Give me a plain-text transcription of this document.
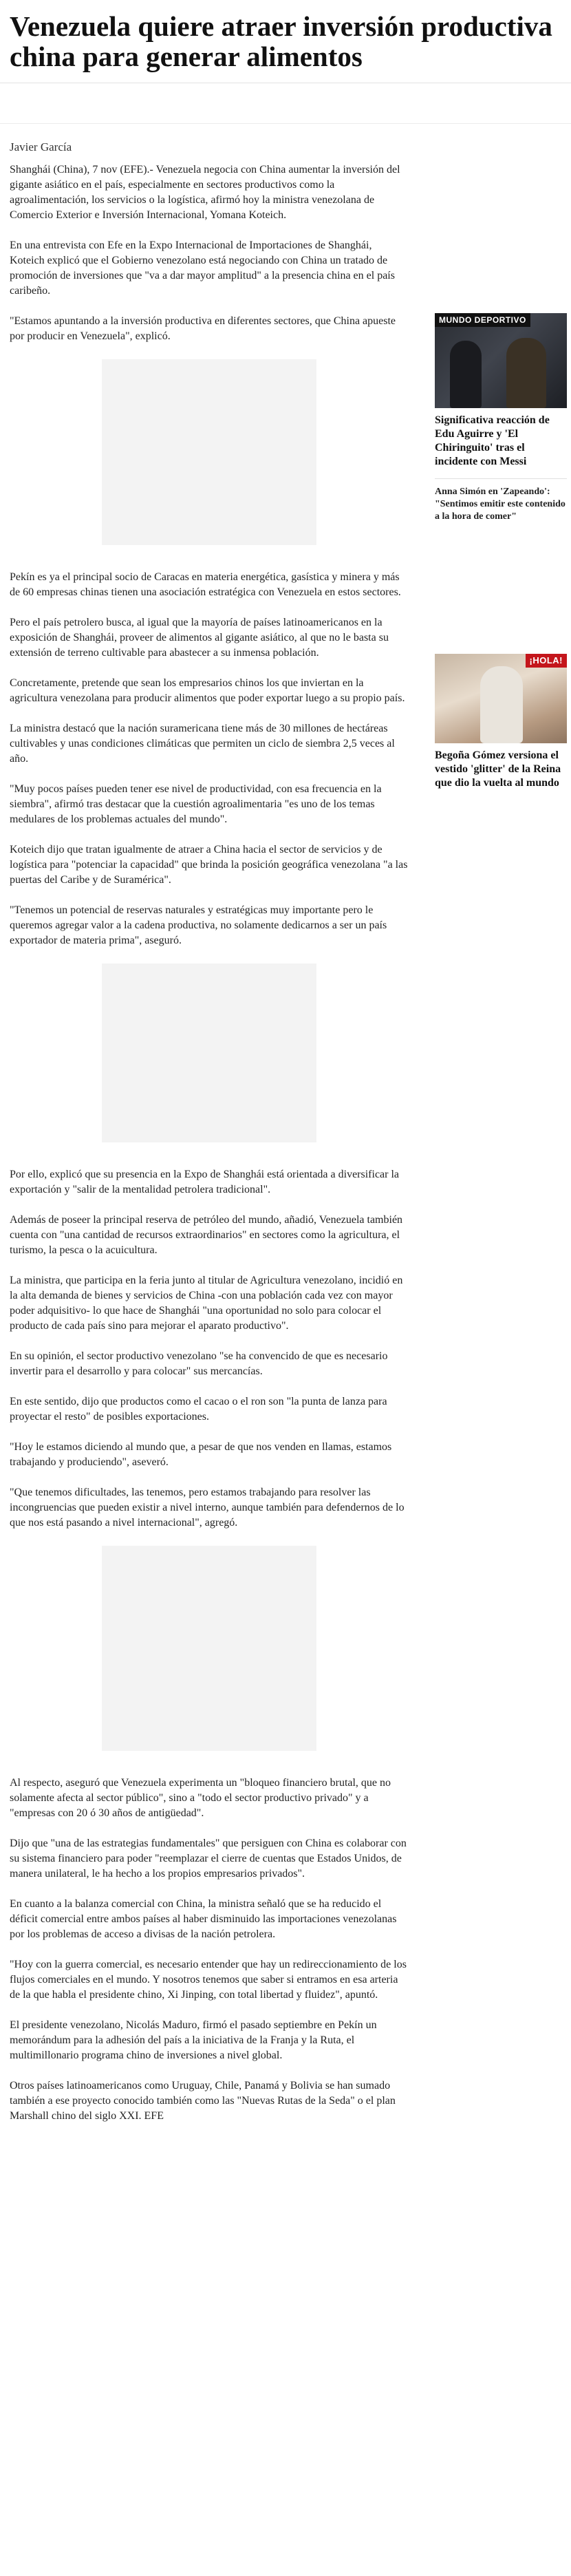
Venezuela quiere atraer inversión productiva china para generar alimentos

Javier García

Shanghái (China), 7 nov (EFE).- Venezuela negocia con China aumentar la inversión del gigante asiático en el país, especialmente en sectores productivos como la agroalimentación, los servicios o la logística, afirmó hoy la ministra venezolana de Comercio Exterior e Inversión Internacional, Yomana Koteich.

En una entrevista con Efe en la Expo Internacional de Importaciones de Shanghái, Koteich explicó que el Gobierno venezolano está negociando con China un tratado de promoción de inversiones que "va a dar mayor amplitud" a la presencia china en el país caribeño.

"Estamos apuntando a la inversión productiva en diferentes sectores, que China apueste por producir en Venezuela", explicó.

Pekín es ya el principal socio de Caracas en materia energética, gasística y minera y más de 60 empresas chinas tienen una asociación estratégica con Venezuela en estos sectores.

Pero el país petrolero busca, al igual que la mayoría de países latinoamericanos en la exposición de Shanghái, proveer de alimentos al gigante asiático, al que no le basta su extensión de terreno cultivable para abastecer a su inmensa población.

Concretamente, pretende que sean los empresarios chinos los que inviertan en la agricultura venezolana para producir alimentos que poder exportar luego a su propio país.

La ministra destacó que la nación suramericana tiene más de 30 millones de hectáreas cultivables y unas condiciones climáticas que permiten un ciclo de siembra 2,5 veces al año.

"Muy pocos países pueden tener ese nivel de productividad, con esa frecuencia en la siembra", afirmó tras destacar que la cuestión agroalimentaria "es uno de los temas medulares de los problemas actuales del mundo".

Koteich dijo que tratan igualmente de atraer a China hacia el sector de servicios y de logística para "potenciar la capacidad" que brinda la posición geográfica venezolana "a las puertas del Caribe y de Suramérica".

"Tenemos un potencial de reservas naturales y estratégicas muy importante pero le queremos agregar valor a la cadena productiva, no solamente dedicarnos a ser un país exportador de materia prima", aseguró.

Por ello, explicó que su presencia en la Expo de Shanghái está orientada a diversificar la exportación y "salir de la mentalidad petrolera tradicional".

Además de poseer la principal reserva de petróleo del mundo, añadió, Venezuela también cuenta con "una cantidad de recursos extraordinarios" en sectores como la agricultura, el turismo, la pesca o la acuicultura.

La ministra, que participa en la feria junto al titular de Agricultura venezolano, incidió en la alta demanda de bienes y servicios de China -con una población cada vez con mayor poder adquisitivo- lo que hace de Shanghái "una oportunidad no solo para colocar el producto de cada país sino para mejorar el aparato productivo".

En su opinión, el sector productivo venezolano "se ha convencido de que es necesario invertir para el desarrollo y para colocar" sus mercancías.

En este sentido, dijo que productos como el cacao o el ron son "la punta de lanza para proyectar el resto" de posibles exportaciones.

"Hoy le estamos diciendo al mundo que, a pesar de que nos venden en llamas, estamos trabajando y produciendo", aseveró.

"Que tenemos dificultades, las tenemos, pero estamos trabajando para resolver las incongruencias que pueden existir a nivel interno, aunque también para defendernos de lo que nos está pasando a nivel internacional", agregó.

Al respecto, aseguró que Venezuela experimenta un "bloqueo financiero brutal, que no solamente afecta al sector público", sino a "todo el sector productivo privado" y a "empresas con 20 ó 30 años de antigüedad".

Dijo que "una de las estrategias fundamentales" que persiguen con China es colaborar con su sistema financiero para poder "reemplazar el cierre de cuentas que Estados Unidos, de manera unilateral, le ha hecho a los propios empresarios privados".

En cuanto a la balanza comercial con China, la ministra señaló que se ha reducido el déficit comercial entre ambos países al haber disminuido las importaciones venezolanas por los problemas de acceso a divisas de la nación petrolera.

"Hoy con la guerra comercial, es necesario entender que hay un redireccionamiento de los flujos comerciales en el mundo. Y nosotros tenemos que saber si entramos en esa arteria de la que habla el presidente chino, Xi Jinping, con total libertad y fluidez", apuntó.

El presidente venezolano, Nicolás Maduro, firmó el pasado septiembre en Pekín un memorándum para la adhesión del país a la iniciativa de la Franja y la Ruta, el multimillonario programa chino de inversiones a nivel global.

Otros países latinoamericanos como Uruguay, Chile, Panamá y Bolivia se han sumado también a ese proyecto conocido también como las "Nuevas Rutas de la Seda" o el plan Marshall chino del siglo XXI. EFE

MUNDO DEPORTIVO

Significativa reacción de Edu Aguirre y 'El Chiringuito' tras el incidente con Messi

Anna Simón en 'Zapeando': "Sentimos emitir este contenido a la hora de comer"

¡HOLA!

Begoña Gómez versiona el vestido 'glitter' de la Reina que dio la vuelta al mundo
